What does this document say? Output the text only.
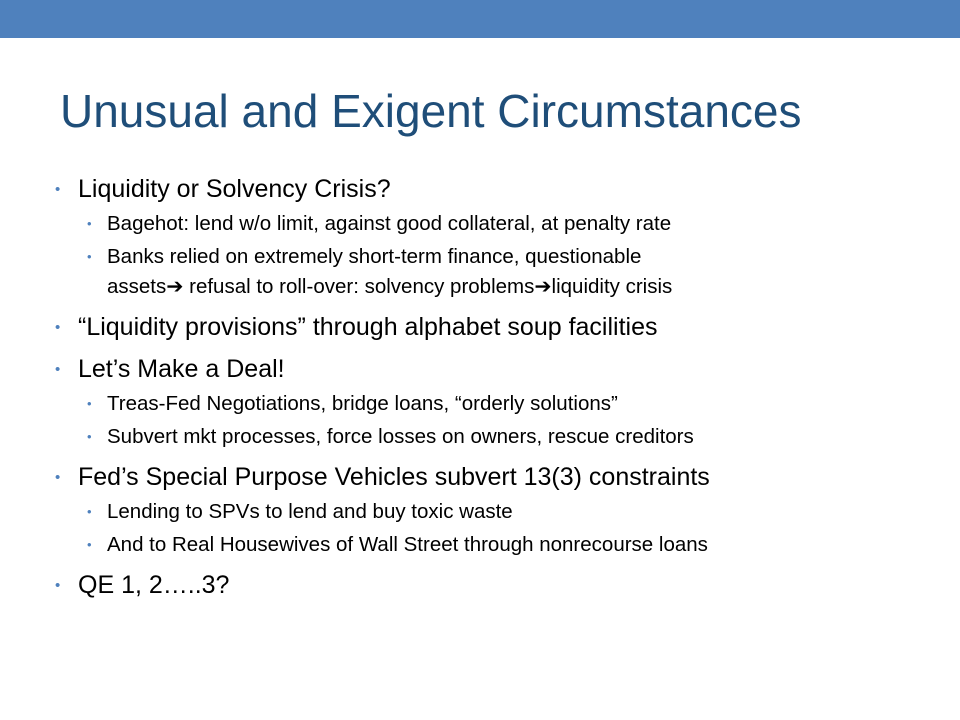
Unusual and Exigent Circumstances
• Liquidity or Solvency Crisis?
• Bagehot: lend w/o limit, against good collateral, at penalty rate
• Banks relied on extremely short-term finance, questionable
assets➔ refusal to roll-over: solvency problems➔liquidity crisis
• “Liquidity provisions” through alphabet soup facilities
• Let’s Make a Deal!
• Treas-Fed Negotiations, bridge loans, “orderly solutions”
• Subvert mkt processes, force losses on owners, rescue creditors
• Fed’s Special Purpose Vehicles subvert 13(3) constraints
• Lending to SPVs to lend and buy toxic waste
• And to Real Housewives of Wall Street through nonrecourse loans
• QE 1, 2…..3?
